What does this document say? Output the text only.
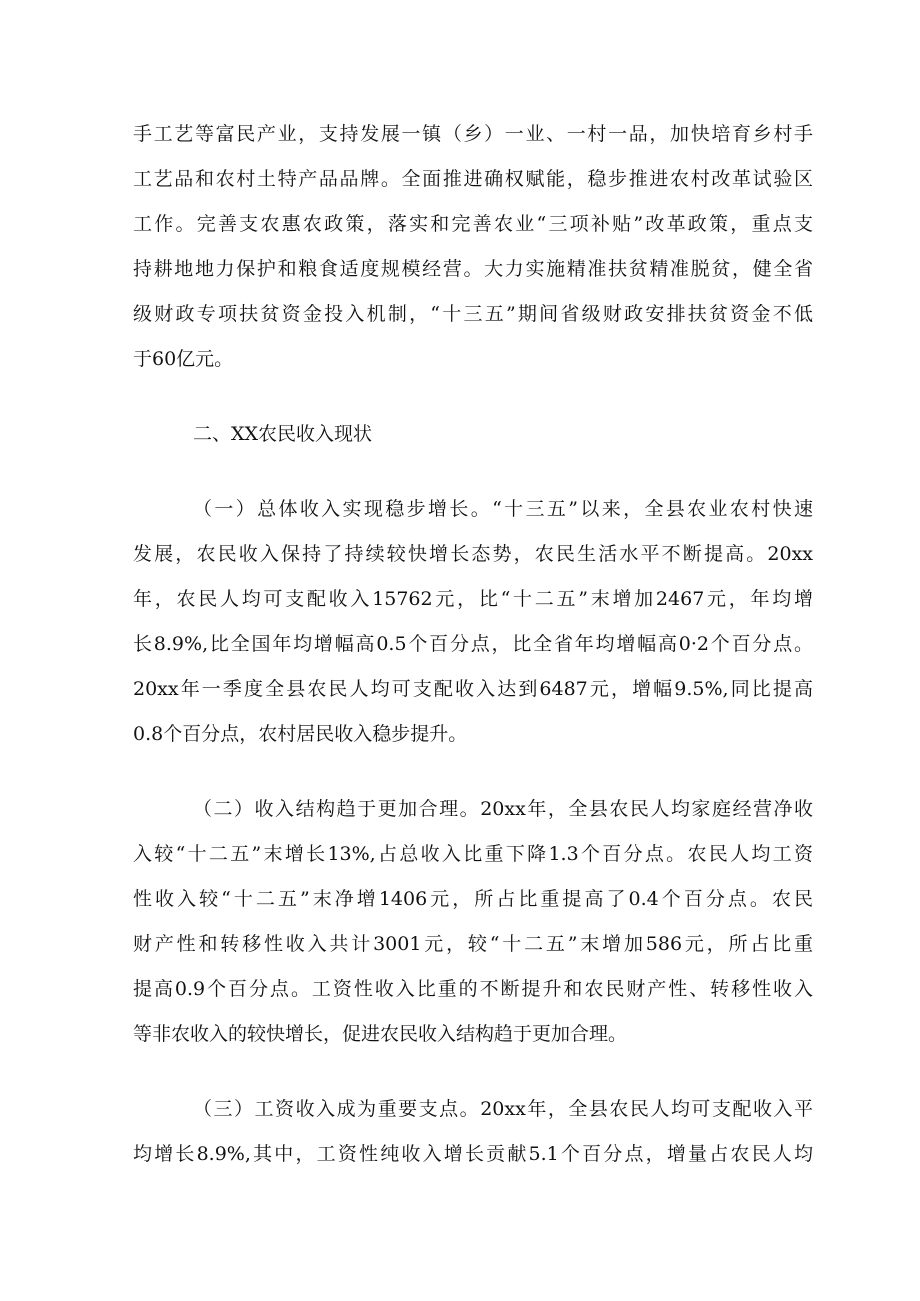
手工艺等富民产业，支持发展一镇（乡）一业、一村一品，加快培育乡村手
工艺品和农村土特产品品牌。全面推进确权赋能，稳步推进农村改革试验区
工作。完善支农惠农政策，落实和完善农业“三项补贴”改革政策，重点支
持耕地地力保护和粮食适度规模经营。大力实施精准扶贫精准脱贫，健全省
级财政专项扶贫资金投入机制，“十三五”期间省级财政安排扶贫资金不低
于60亿元。
二、XX农民收入现状
（一）总体收入实现稳步增长。“十三五”以来，全县农业农村快速
发展，农民收入保持了持续较快增长态势，农民生活水平不断提高。20xx
年，农民人均可支配收入15762元，比“十二五”末增加2467元，年均增
长8.9%,比全国年均增幅高0.5个百分点，比全省年均增幅高0·2个百分点。
20xx年一季度全县农民人均可支配收入达到6487元，增幅9.5%,同比提高
0.8个百分点，农村居民收入稳步提升。
（二）收入结构趋于更加合理。20xx年，全县农民人均家庭经营净收
入较“十二五”末增长13%,占总收入比重下降1.3个百分点。农民人均工资
性收入较“十二五”末净增1406元，所占比重提高了0.4个百分点。农民
财产性和转移性收入共计3001元，较“十二五”末增加586元，所占比重
提高0.9个百分点。工资性收入比重的不断提升和农民财产性、转移性收入
等非农收入的较快增长，促进农民收入结构趋于更加合理。
（三）工资收入成为重要支点。20xx年，全县农民人均可支配收入平
均增长8.9%,其中，工资性纯收入增长贡献5.1个百分点，增量占农民人均
